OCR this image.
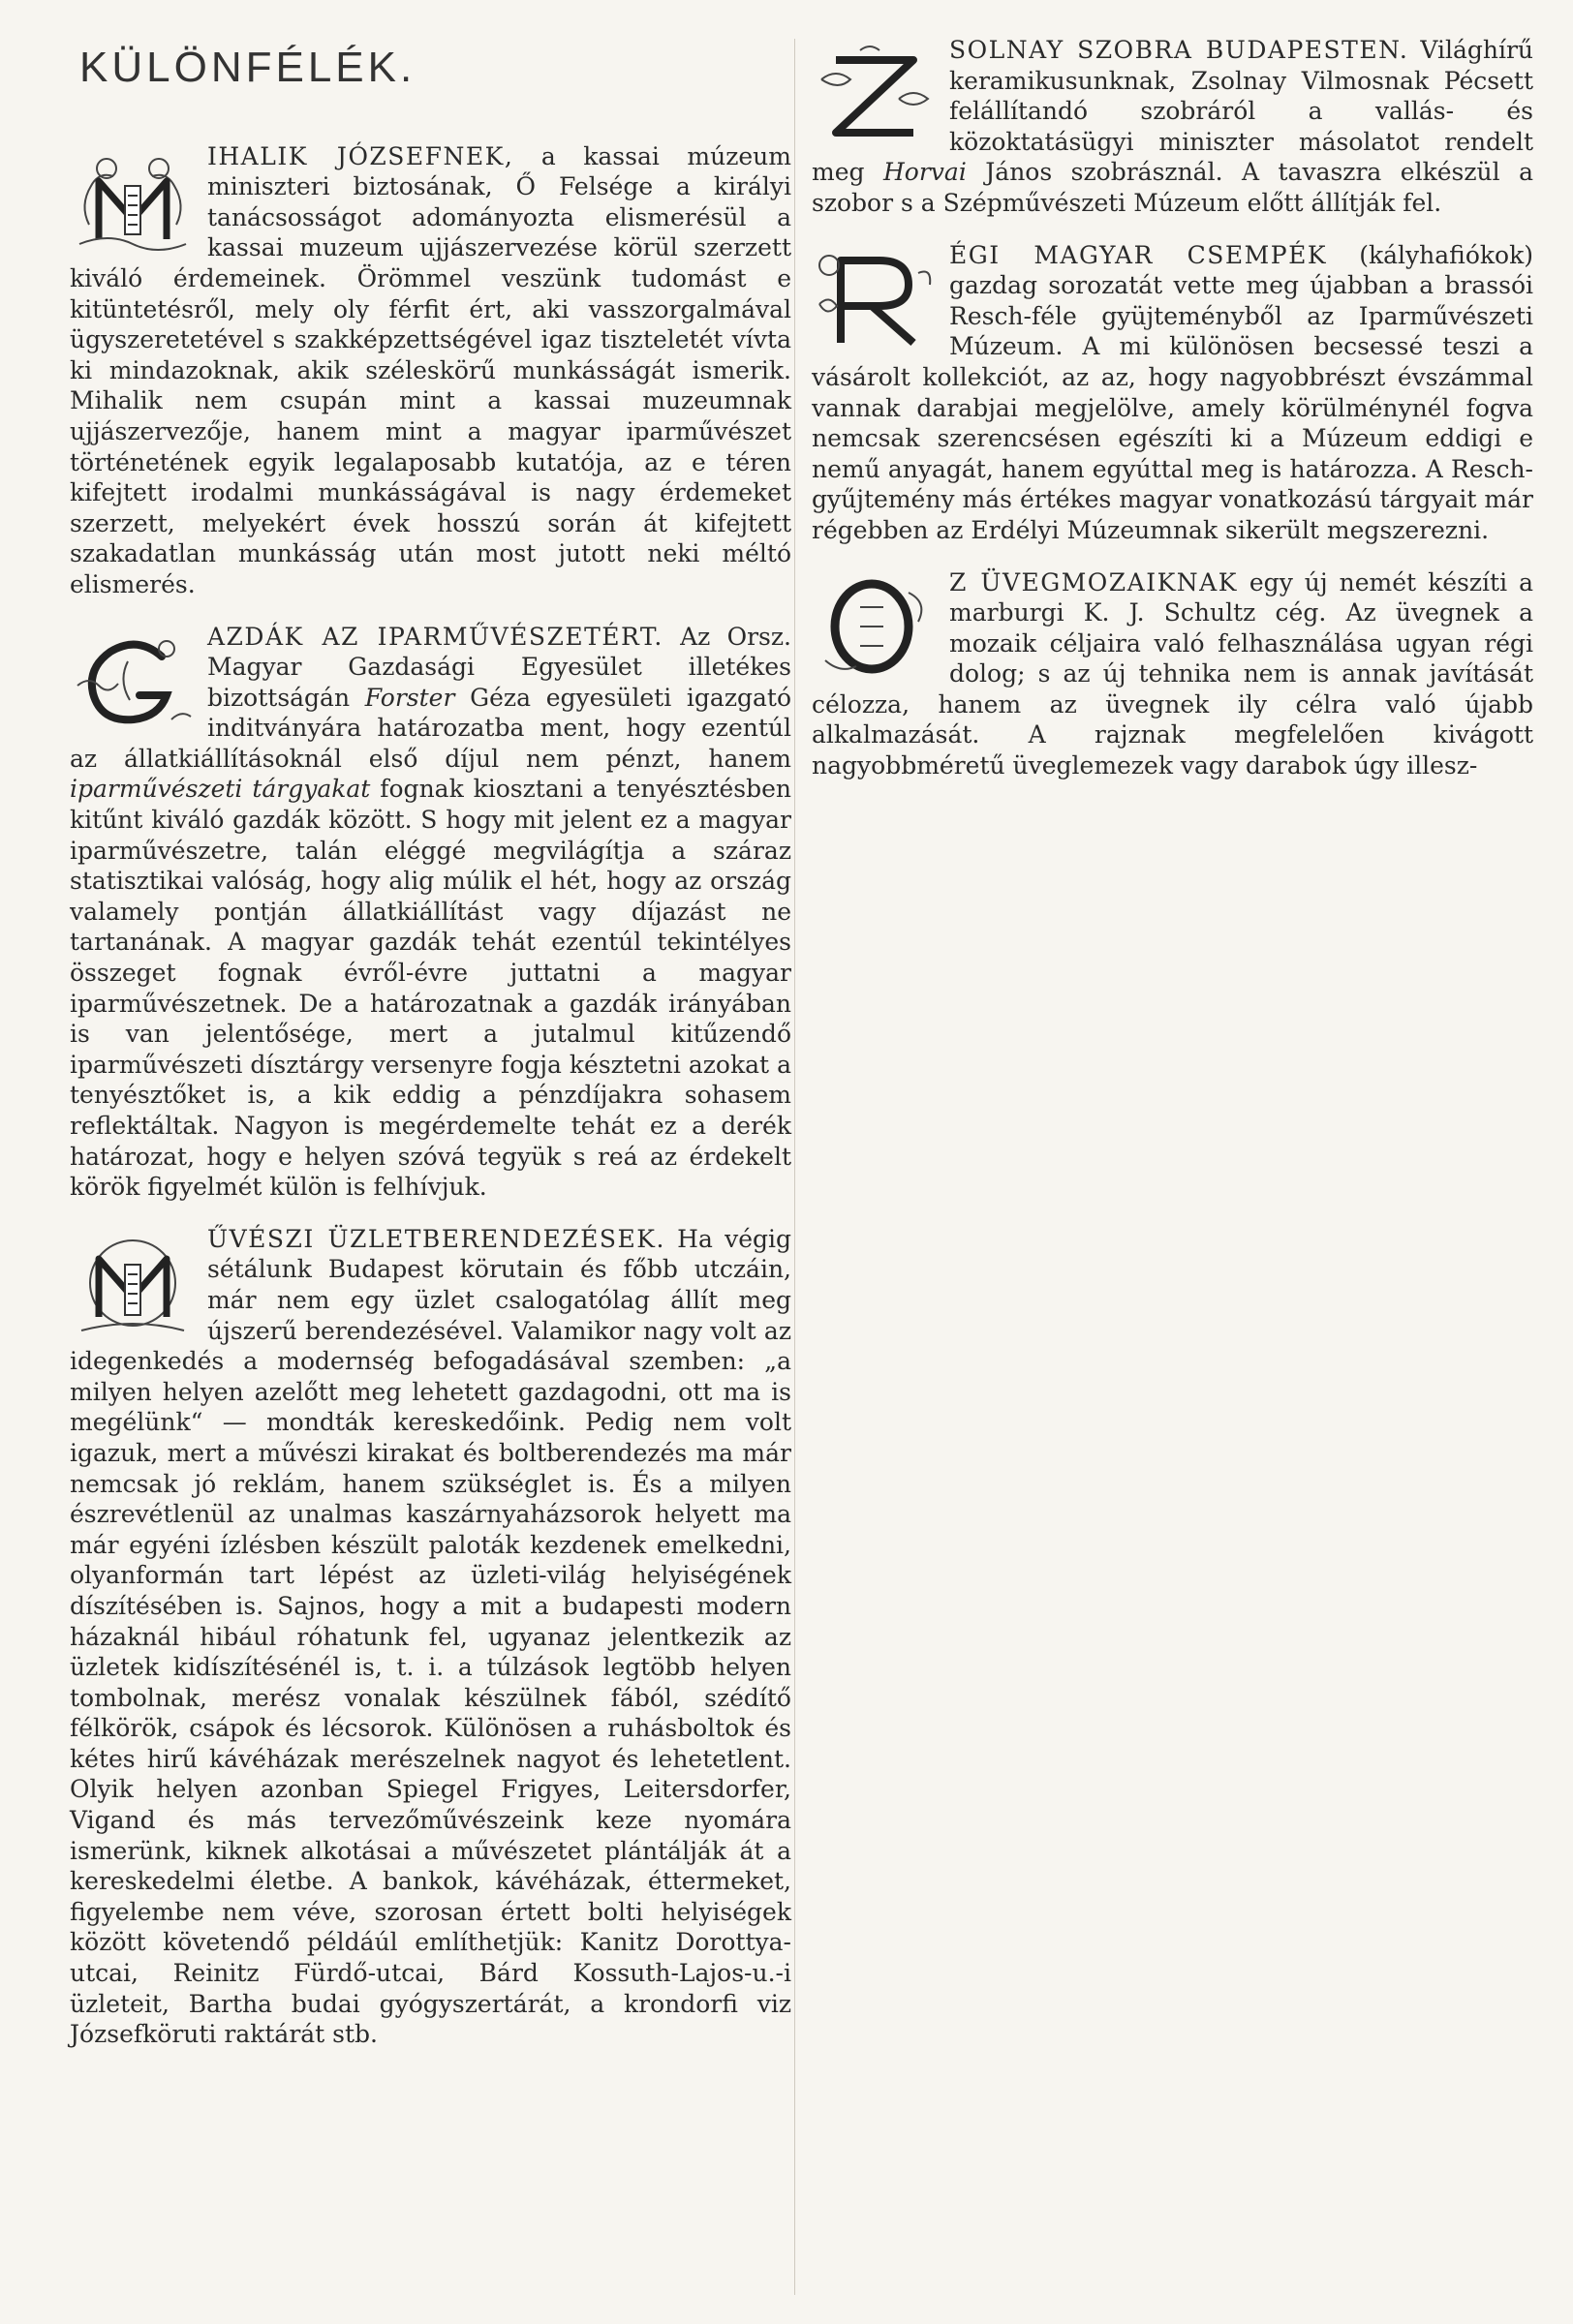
KÜLÖNFÉLÉK.
IHALIK JÓZSEFNEK, a kassai múzeum miniszteri biztosának, Ő Felsége a királyi tanácsosságot adományozta elismerésül a kassai muzeum ujjászervezése körül szerzett kiváló érdemeinek. Örömmel veszünk tudomást e kitüntetésről, mely oly férfit ért, aki vasszorgalmával ügyszeretetével s szakképzettségével igaz tiszteletét vívta ki mindazoknak, akik széleskörű munkásságát ismerik. Mihalik nem csupán mint a kassai muzeumnak ujjászervezője, hanem mint a magyar iparművészet történetének egyik legalaposabb kutatója, az e téren kifejtett irodalmi munkásságával is nagy érdemeket szerzett, melyekért évek hosszú során át kifejtett szakadatlan munkásság után most jutott neki méltó elismerés.
AZDÁK AZ IPARMŰVÉSZETÉRT. Az Orsz. Magyar Gazdasági Egyesület illetékes bizottságán Forster Géza egyesületi igazgató inditványára határozatba ment, hogy ezentúl az állatkiállításoknál első díjul nem pénzt, hanem iparművészeti tárgyakat fognak kiosztani a tenyésztésben kitűnt kiváló gazdák között. S hogy mit jelent ez a magyar iparművészetre, talán eléggé megvilágítja a száraz statisztikai valóság, hogy alig múlik el hét, hogy az ország valamely pontján állatkiállítást vagy díjazást ne tartanának. A magyar gazdák tehát ezentúl tekintélyes összeget fognak évről-évre juttatni a magyar iparművészetnek. De a határozatnak a gazdák irányában is van jelentősége, mert a jutalmul kitűzendő iparművészeti dísztárgy versenyre fogja késztetni azokat a tenyésztőket is, a kik eddig a pénzdíjakra sohasem reflektáltak. Nagyon is megérdemelte tehát ez a derék határozat, hogy e helyen szóvá tegyük s reá az érdekelt körök figyelmét külön is felhívjuk.
ŰVÉSZI ÜZLETBERENDEZÉSEK. Ha végig sétálunk Budapest körutain és főbb utczáin, már nem egy üzlet csalogatólag állít meg újszerű berendezésével. Valamikor nagy volt az idegenkedés a modernség befogadásával szemben: „a milyen helyen azelőtt meg lehetett gazdagodni, ott ma is megélünk“ — mondták kereskedőink. Pedig nem volt igazuk, mert a művészi kirakat és boltberendezés ma már nemcsak jó reklám, hanem szükséglet is. És a milyen észrevétlenül az unalmas kaszárnyaházsorok helyett ma már egyéni ízlésben készült paloták kezdenek emelkedni, olyanformán tart lépést az üzleti-világ helyiségének díszítésében is. Sajnos, hogy a mit a budapesti modern házaknál hibául róhatunk fel, ugyanaz jelentkezik az üzletek kidíszítésénél is, t. i. a túlzások legtöbb helyen tombolnak, merész vonalak készülnek fából, szédítő félkörök, csápok és lécsorok. Különösen a ruhásboltok és kétes hirű kávéházak merészelnek nagyot és lehetetlent. Olyik helyen azonban Spiegel Frigyes, Leitersdorfer, Vigand és más tervezőművészeink keze nyomára ismerünk, kiknek alkotásai a művészetet plántálják át a kereskedelmi életbe. A bankok, kávéházak, éttermeket, figyelembe nem véve, szorosan értett bolti helyiségek között követendő példáúl említhetjük: Kanitz Dorottya-utcai, Reinitz Fürdő-utcai, Bárd Kossuth-Lajos-u.-i üzleteit, Bartha budai gyógyszertárát, a krondorfi viz Józsefköruti raktárát stb.
SOLNAY SZOBRA BUDAPESTEN. Világhírű keramikusunknak, Zsolnay Vilmosnak Pécsett felállítandó szobráról a vallás- és közoktatásügyi miniszter másolatot rendelt meg Horvai János szobrásznál. A tavaszra elkészül a szobor s a Szépművészeti Múzeum előtt állítják fel.
ÉGI MAGYAR CSEMPÉK (kályhafiókok) gazdag sorozatát vette meg újabban a brassói Resch-féle gyüjteményből az Iparművészeti Múzeum. A mi különösen becsessé teszi a vásárolt kollekciót, az az, hogy nagyobbrészt évszámmal vannak darabjai megjelölve, amely körülménynél fogva nemcsak szerencsésen egészíti ki a Múzeum eddigi e nemű anyagát, hanem egyúttal meg is határozza. A Resch-gyűjtemény más értékes magyar vonatkozású tárgyait már régebben az Erdélyi Múzeumnak sikerült megszerezni.
Z ÜVEGMOZAIKNAK egy új nemét készíti a marburgi K. J. Schultz cég. Az üvegnek a mozaik céljaira való felhasználása ugyan régi dolog; s az új tehnika nem is annak javítását célozza, hanem az üvegnek ily célra való újabb alkalmazását. A rajznak megfelelően kivágott nagyobbméretű üveglemezek vagy darabok úgy illesz-
